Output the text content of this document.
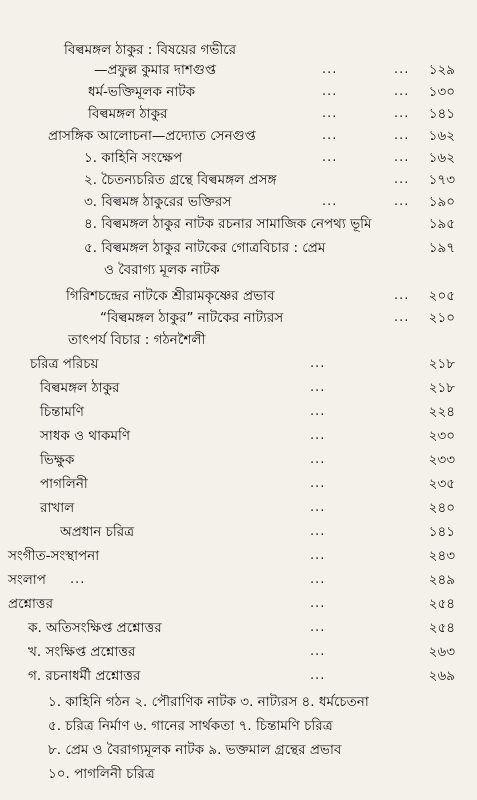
বিল্বমঙ্গল ঠাকুর : বিষয়ের গভীরে
—প্রফুল্ল কুমার দাশগুপ্ত	...	...	১২৯
ধর্ম-ভক্তিমূলক নাটক	...	...	১৩০
বিল্বমঙ্গল ঠাকুর	...	...	১৪১
প্রাসঙ্গিক আলোচনা—প্রদ্যোত সেনগুপ্ত	...	...	১৬২
১. কাহিনি সংক্ষেপ	...	...	১৬২
২. চৈতন্যচরিত গ্রন্থে বিল্বমঙ্গল প্রসঙ্গ	...	১৭৩
৩. বিল্বমঙ্গ ঠাকুরের ভক্তিরস	...	...	১৯০
৪. বিল্বমঙ্গল ঠাকুর নাটক রচনার সামাজিক নেপথ্য ভূমি	১৯৫
৫. বিল্বমঙ্গল ঠাকুর নাটকের গোত্রবিচার : প্রেম	১৯৭
ও বৈরাগ্য মূলক নাটক
গিরিশচন্দ্রের নাটকে শ্রীরামকৃষ্ণের প্রভাব	...	২০৫
“বিল্বমঙ্গল ঠাকুর” নাটকের নাট্যরস	...	২১০
তাৎপর্য বিচার : গঠনশৈলী
চরিত্র পরিচয়	...	২১৮
বিল্বমঙ্গল ঠাকুর	...	২১৮
চিন্তামণি	...	২২৪
সাধক ও থাকমণি	...	২৩০
ভিক্ষুক	...	২৩৩
পাগলিনী	...	২৩৫
রাখাল	...	২৪০
অপ্রধান চরিত্র	...	১৪১
সংগীত-সংস্থাপনা	...	২৪৩
সংলাপ ...	...	২৪৯
প্রশ্নোত্তর	...	২৫৪
ক. অতিসংক্ষিপ্ত প্রশ্নোত্তর	...	২৫৪
খ. সংক্ষিপ্ত প্রশ্নোত্তর	...	২৬৩
গ. রচনাধর্মী প্রশ্নোত্তর	...	২৬৯
১. কাহিনি গঠন ২. পৌরাণিক নাটক ৩. নাট্যরস ৪. ধর্মচেতনা
৫. চরিত্র নির্মাণ ৬. গানের সার্থকতা ৭. চিন্তামণি চরিত্র
৮. প্রেম ও বৈরাগ্যমূলক নাটক ৯. ভক্তমাল গ্রন্থের প্রভাব
১০. পাগলিনী চরিত্র
